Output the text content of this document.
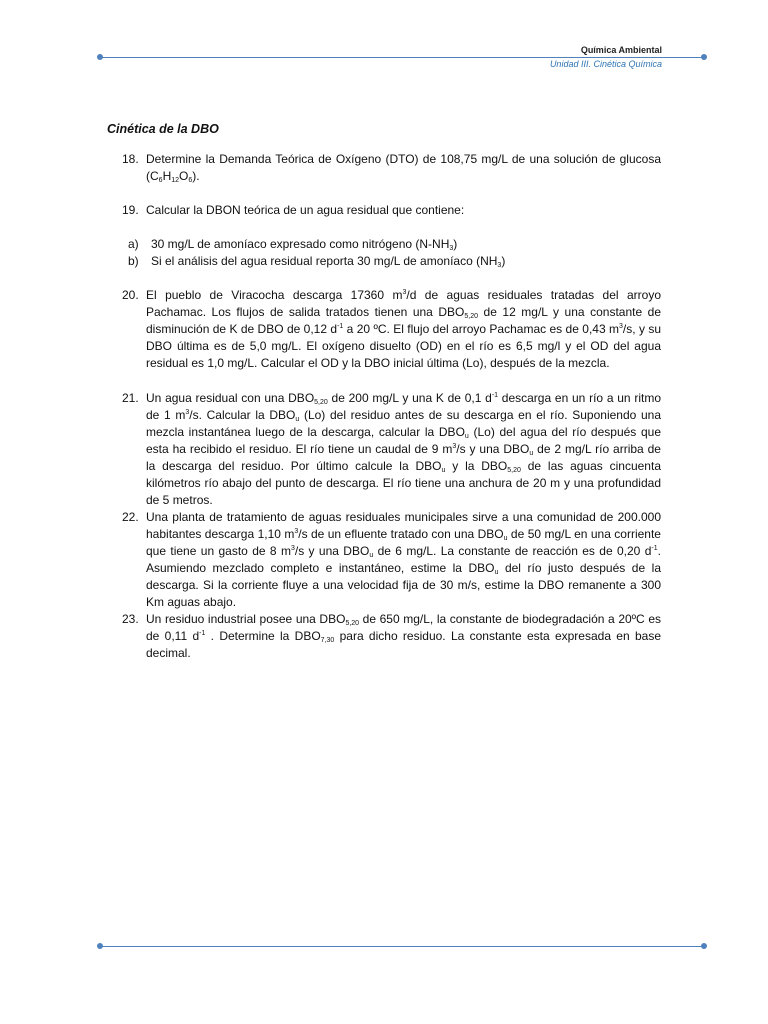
Química Ambiental
Unidad III. Cinética Química
Cinética de la DBO
18. Determine la Demanda Teórica de Oxígeno (DTO) de 108,75 mg/L de una solución de glucosa $(C_6H_{12}O_6)$.
19. Calcular la DBON teórica de un agua residual que contiene:
a) 30 mg/L de amoníaco expresado como nitrógeno $(N-NH_3)$
b) Si el análisis del agua residual reporta 30 mg/L de amoníaco $(NH_3)$
20. El pueblo de Viracocha descarga 17360 $m^3/d$ de aguas residuales tratadas del arroyo Pachamac. Los flujos de salida tratados tienen una $DBO_{5,20}$ de 12 mg/L y una constante de disminución de K de DBO de 0,12 $d^{-1}$ a 20 ºC. El flujo del arroyo Pachamac es de 0,43 $m^3/s$, y su DBO última es de 5,0 mg/L. El oxígeno disuelto (OD) en el río es 6,5 mg/l y el OD del agua residual es 1,0 mg/L. Calcular el OD y la DBO inicial última (Lo), después de la mezcla.
21. Un agua residual con una $DBO_{5,20}$ de 200 mg/L y una K de 0,1 $d^{-1}$ descarga en un río a un ritmo de 1 $m^3/s$. Calcular la $DBO_u$ (Lo) del residuo antes de su descarga en el río. Suponiendo una mezcla instantánea luego de la descarga, calcular la $DBO_u$ (Lo) del agua del río después que esta ha recibido el residuo. El río tiene un caudal de 9 $m^3/s$ y una $DBO_u$ de 2 mg/L río arriba de la descarga del residuo. Por último calcule la $DBO_u$ y la $DBO_{5,20}$ de las aguas cincuenta kilómetros río abajo del punto de descarga. El río tiene una anchura de 20 m y una profundidad de 5 metros.
22. Una planta de tratamiento de aguas residuales municipales sirve a una comunidad de 200.000 habitantes descarga 1,10 $m^3/s$ de un efluente tratado con una $DBO_u$ de 50 mg/L en una corriente que tiene un gasto de 8 $m^3/s$ y una $DBO_u$ de 6 mg/L. La constante de reacción es de 0,20 $d^{-1}$. Asumiendo mezclado completo e instantáneo, estime la $DBO_u$ del río justo después de la descarga. Si la corriente fluye a una velocidad fija de 30 m/s, estime la DBO remanente a 300 Km aguas abajo.
23. Un residuo industrial posee una $DBO_{5,20}$ de 650 mg/L, la constante de biodegradación a 20ºC es de 0,11 $d^{-1}$ . Determine la $DBO_{7,30}$ para dicho residuo. La constante esta expresada en base decimal.
